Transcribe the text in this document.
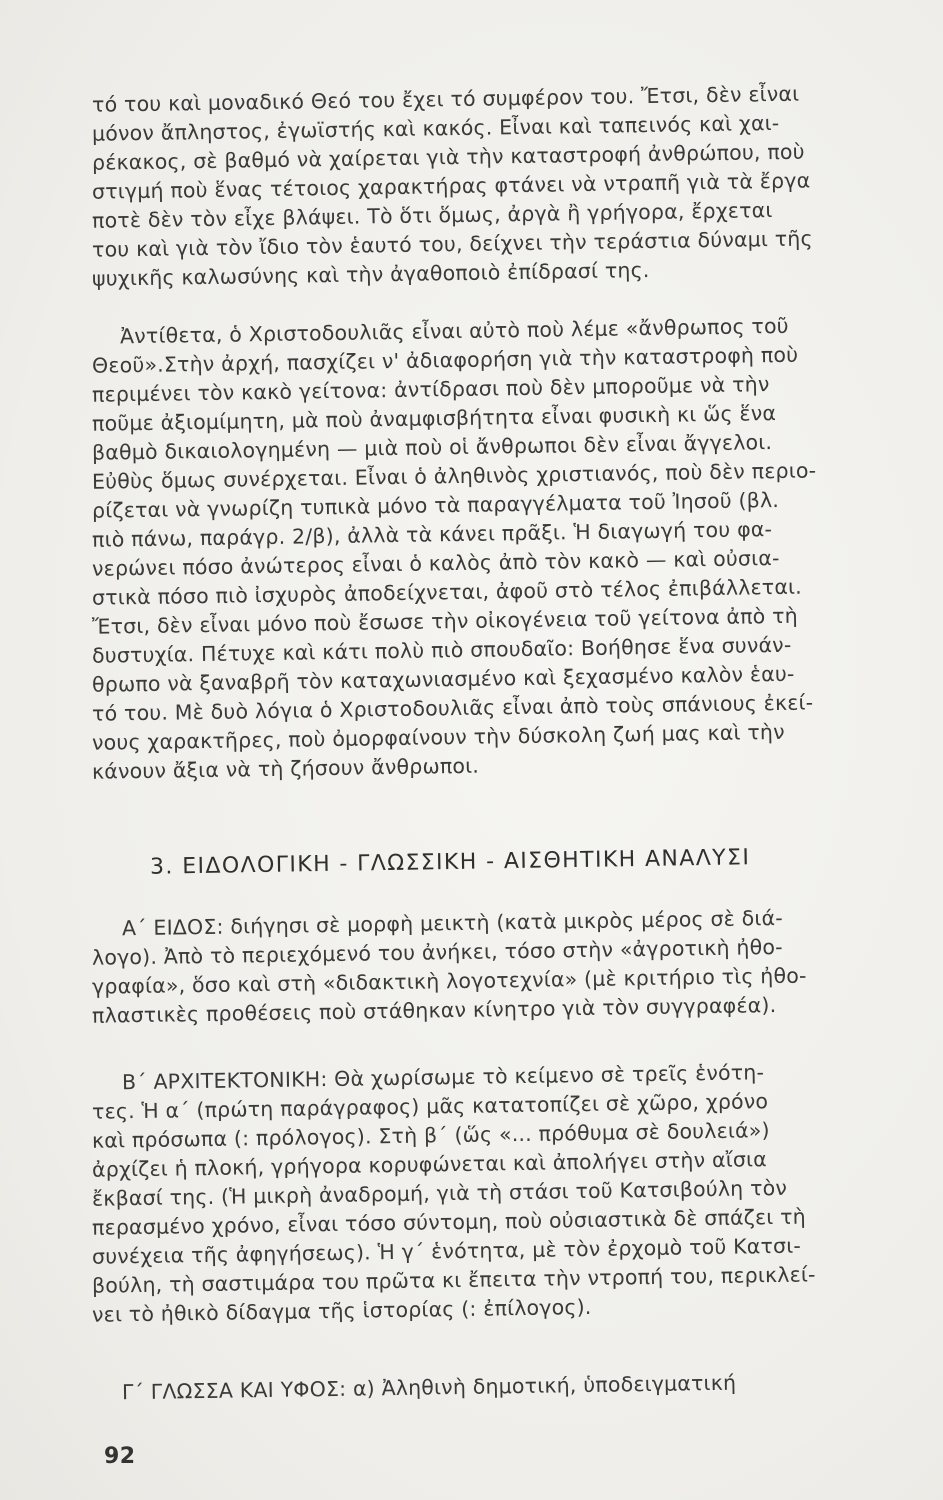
τό του καὶ μοναδικό Θεό του ἔχει τό συμφέρον του. Ἔτσι, δὲν εἶναι
μόνον ἄπληστος, ἐγωϊστής καὶ κακός. Εἶναι καὶ ταπεινός καὶ χαι-
ρέκακος, σὲ βαθμό νὰ χαίρεται γιὰ τὴν καταστροφή ἀνθρώπου, ποὺ
στιγμή ποὺ ἕνας τέτοιος χαρακτήρας φτάνει νὰ ντραπῆ γιὰ τὰ ἔργα
ποτὲ δὲν τὸν εἶχε βλάψει. Τὸ ὅτι ὅμως, ἀργὰ ἢ γρήγορα, ἔρχεται
του καὶ γιὰ τὸν ἴδιο τὸν ἑαυτό του, δείχνει τὴν τεράστια δύναμι τῆς
ψυχικῆς καλωσύνης καὶ τὴν ἀγαθοποιὸ ἐπίδρασί της.
Ἀντίθετα, ὁ Χριστοδουλιᾶς εἶναι αὐτὸ ποὺ λέμε «ἄνθρωπος τοῦ
Θεοῦ».Στὴν ἀρχή, πασχίζει ν' ἀδιαφορήση γιὰ τὴν καταστροφὴ ποὺ
περιμένει τὸν κακὸ γείτονα: ἀντίδρασι ποὺ δὲν μποροῦμε νὰ τὴν
ποῦμε ἀξιομίμητη, μὰ ποὺ ἀναμφισβήτητα εἶναι φυσικὴ κι ὥς ἕνα
βαθμὸ δικαιολογημένη — μιὰ ποὺ οἱ ἄνθρωποι δὲν εἶναι ἄγγελοι.
Εὐθὺς ὅμως συνέρχεται. Εἶναι ὁ ἀληθινὸς χριστιανός, ποὺ δὲν περιο-
ρίζεται νὰ γνωρίζη τυπικὰ μόνο τὰ παραγγέλματα τοῦ Ἰησοῦ (βλ.
πιὸ πάνω, παράγρ. 2/β), ἀλλὰ τὰ κάνει πρᾶξι. Ἡ διαγωγή του φα-
νερώνει πόσο ἀνώτερος εἶναι ὁ καλὸς ἀπὸ τὸν κακὸ — καὶ οὐσια-
στικὰ πόσο πιὸ ἰσχυρὸς ἀποδείχνεται, ἀφοῦ στὸ τέλος ἐπιβάλλεται.
Ἔτσι, δὲν εἶναι μόνο ποὺ ἔσωσε τὴν οἰκογένεια τοῦ γείτονα ἀπὸ τὴ
δυστυχία. Πέτυχε καὶ κάτι πολὺ πιὸ σπουδαῖο: Βοήθησε ἕνα συνάν-
θρωπο νὰ ξαναβρῆ τὸν καταχωνιασμένο καὶ ξεχασμένο καλὸν ἑαυ-
τό του. Μὲ δυὸ λόγια ὁ Χριστοδουλιᾶς εἶναι ἀπὸ τοὺς σπάνιους ἐκεί-
νους χαρακτῆρες, ποὺ ὀμορφαίνουν τὴν δύσκολη ζωή μας καὶ τὴν
κάνουν ἄξια νὰ τὴ ζήσουν ἄνθρωποι.
3. ΕΙΔΟΛΟΓΙΚΗ - ΓΛΩΣΣΙΚΗ - ΑΙΣΘΗΤΙΚΗ ΑΝΑΛΥΣΙ
Α΄ ΕΙΔΟΣ: διήγησι σὲ μορφὴ μεικτὴ (κατὰ μικρὸς μέρος σὲ διά-
λογο). Ἀπὸ τὸ περιεχόμενό του ἀνήκει, τόσο στὴν «ἀγροτικὴ ἠθο-
γραφία», ὅσο καὶ στὴ «διδακτικὴ λογοτεχνία» (μὲ κριτήριο τὶς ἠθο-
πλαστικὲς προθέσεις ποὺ στάθηκαν κίνητρο γιὰ τὸν συγγραφέα).
Β΄ ΑΡΧΙΤΕΚΤΟΝΙΚΗ: Θὰ χωρίσωμε τὸ κείμενο σὲ τρεῖς ἑνότη-
τες. Ἡ α΄ (πρώτη παράγραφος) μᾶς κατατοπίζει σὲ χῶρο, χρόνο
καὶ πρόσωπα (: πρόλογος). Στὴ β΄ (ὥς «... πρόθυμα σὲ δουλειά»)
ἀρχίζει ἡ πλοκή, γρήγορα κορυφώνεται καὶ ἀπολήγει στὴν αἴσια
ἔκβασί της. (Ἡ μικρὴ ἀναδρομή, γιὰ τὴ στάσι τοῦ Κατσιβούλη τὸν
περασμένο χρόνο, εἶναι τόσο σύντομη, ποὺ οὐσιαστικὰ δὲ σπάζει τὴ
συνέχεια τῆς ἀφηγήσεως). Ἡ γ΄ ἑνότητα, μὲ τὸν ἐρχομὸ τοῦ Κατσι-
βούλη, τὴ σαστιμάρα του πρῶτα κι ἔπειτα τὴν ντροπή του, περικλεί-
νει τὸ ἠθικὸ δίδαγμα τῆς ἱστορίας (: ἐπίλογος).
Γ΄ ΓΛΩΣΣΑ ΚΑΙ ΥΦΟΣ: α) Ἀληθινὴ δημοτική, ὑποδειγματική
92
